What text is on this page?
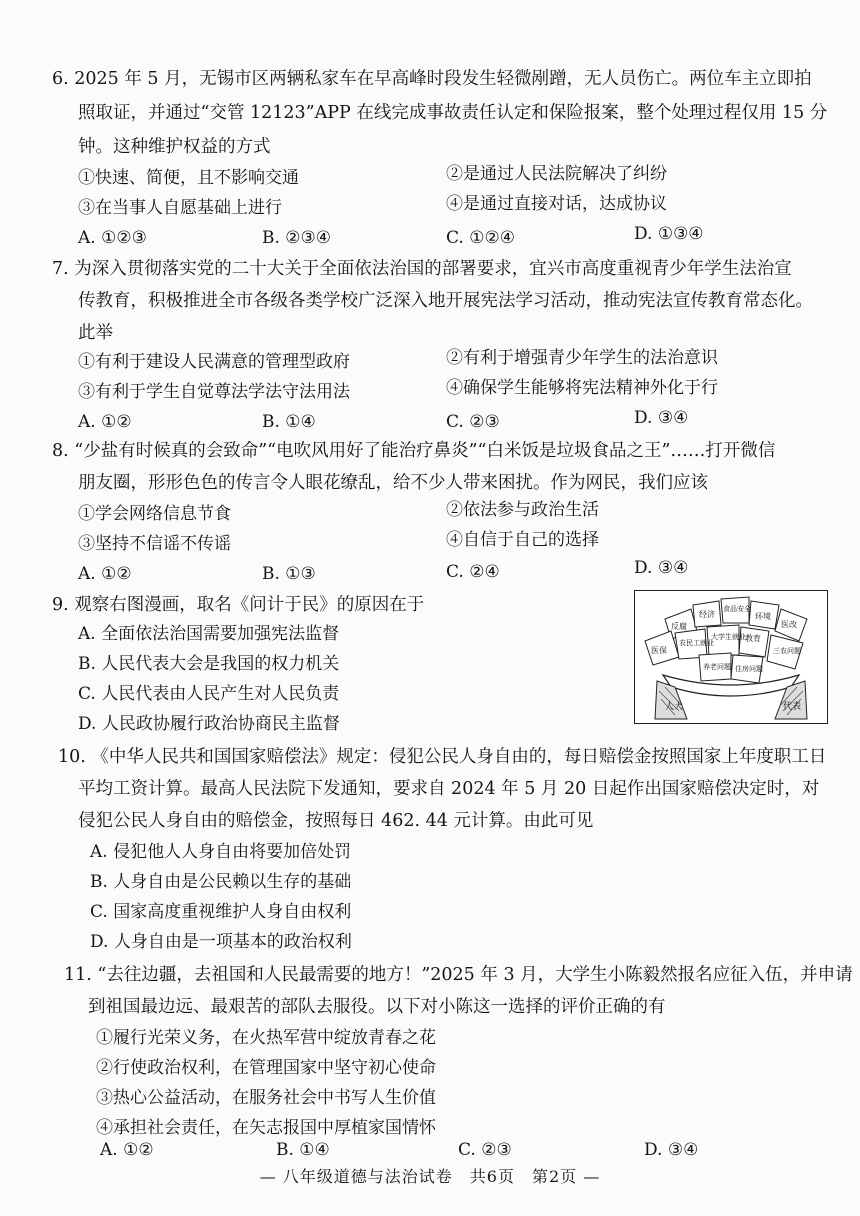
6. 2025 年 5 月，无锡市区两辆私家车在早高峰时段发生轻微剐蹭，无人员伤亡。两位车主立即拍
照取证，并通过“交管 12123”APP 在线完成事故责任认定和保险报案，整个处理过程仅用 15 分
钟。这种维护权益的方式
①快速、简便，且不影响交通	②是通过人民法院解决了纠纷
③在当事人自愿基础上进行	④是通过直接对话，达成协议
A. ①②③	B. ②③④	C. ①②④	D. ①③④
7. 为深入贯彻落实党的二十大关于全面依法治国的部署要求，宜兴市高度重视青少年学生法治宣
传教育，积极推进全市各级各类学校广泛深入地开展宪法学习活动，推动宪法宣传教育常态化。
此举
①有利于建设人民满意的管理型政府	②有利于增强青少年学生的法治意识
③有利于学生自觉尊法学法守法用法	④确保学生能够将宪法精神外化于行
A. ①②	B. ①④	C. ②③	D. ③④
8. “少盐有时候真的会致命”“电吹风用好了能治疗鼻炎”“白米饭是垃圾食品之王”……打开微信
朋友圈，形形色色的传言令人眼花缭乱，给不少人带来困扰。作为网民，我们应该
①学会网络信息节食	②依法参与政治生活
③坚持不信谣不传谣	④自信于自己的选择
A. ①②	B. ①③	C. ②④	D. ③④
9. 观察右图漫画，取名《问计于民》的原因在于
A. 全面依法治国需要加强宪法监督
B. 人民代表大会是我国的权力机关
C. 人民代表由人民产生对人民负责
D. 人民政协履行政治协商民主监督
经济
食品安全
医改
反腐
农民工就业
大学生就业 教育
环境
医保
养老问题 住房问题
三农问题
人大	代表
10. 《中华人民共和国国家赔偿法》规定：侵犯公民人身自由的，每日赔偿金按照国家上年度职工日
平均工资计算。最高人民法院下发通知，要求自 2024 年 5 月 20 日起作出国家赔偿决定时，对
侵犯公民人身自由的赔偿金，按照每日 462. 44 元计算。由此可见
A. 侵犯他人人身自由将要加倍处罚
B. 人身自由是公民赖以生存的基础
C. 国家高度重视维护人身自由权利
D. 人身自由是一项基本的政治权利
11. “去往边疆，去祖国和人民最需要的地方！”2025 年 3 月，大学生小陈毅然报名应征入伍，并申请
到祖国最边远、最艰苦的部队去服役。以下对小陈这一选择的评价正确的有
①履行光荣义务，在火热军营中绽放青春之花
②行使政治权利，在管理国家中坚守初心使命
③热心公益活动，在服务社会中书写人生价值
④承担社会责任，在矢志报国中厚植家国情怀
A. ①②	B. ①④	C. ②③	D. ③④
— 八年级道德与法治试卷　共6页　第2页 —
